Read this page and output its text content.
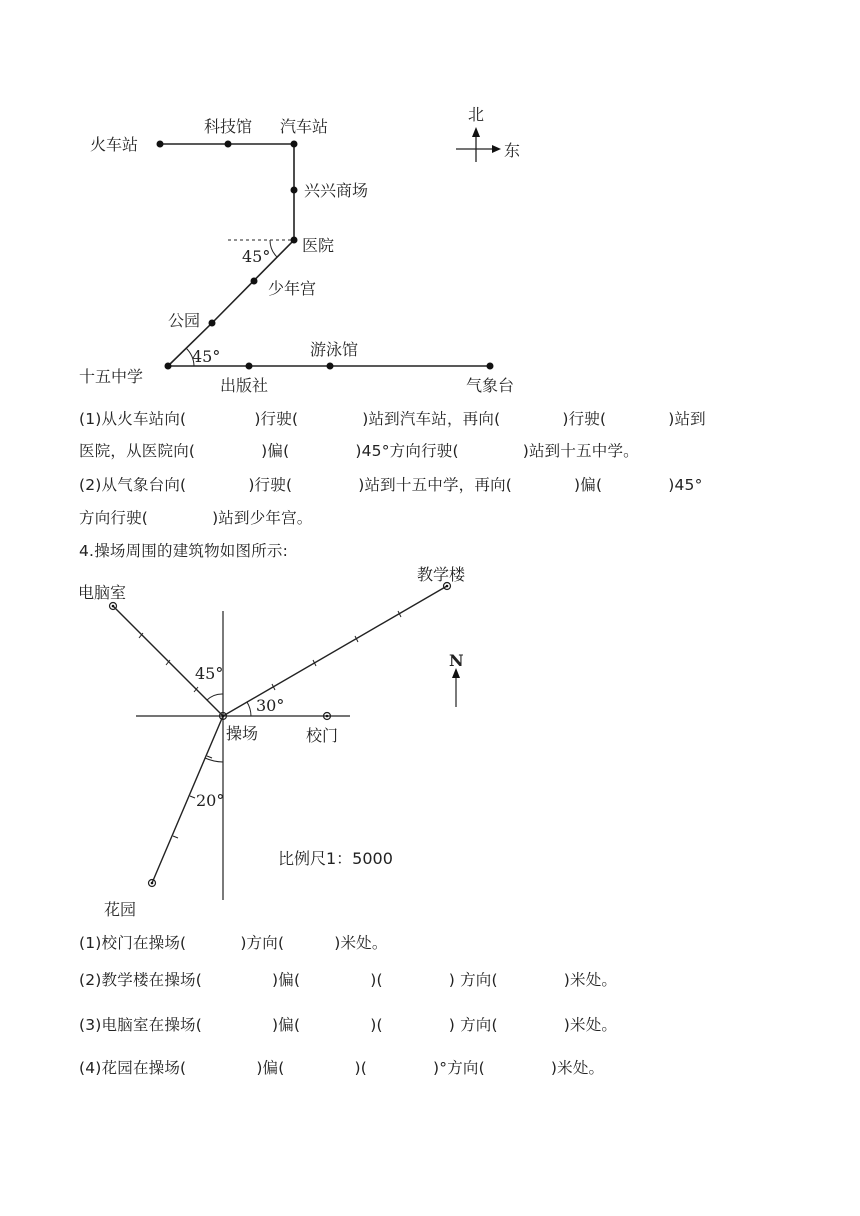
火车站
科技馆 汽车站
兴兴商场
医院
少年宫
公园
十五中学	出版社
游泳馆
气象台
北
东
45°
45°
(1)从火车站向(	)行驶(	)站到汽车站，再向(	)行驶(	)站到
医院，从医院向(	)偏(	)45°方向行驶(	)站到十五中学。
(2)从气象台向(	)行驶(	)站到十五中学，再向(	)偏(	)45°
方向行驶(	)站到少年宫。
4.操场周围的建筑物如图所示:
电脑室
教学楼
操场	校门
花园
N
45°
30°
20°
比例尺1：5000
(1)校门在操场(	)方向(	)米处。
(2)教学楼在操场(	)偏(	)(	) 方向(	)米处。
(3)电脑室在操场(	)偏(	)(	) 方向(	)米处。
(4)花园在操场(	)偏(	)(	)°方向(	)米处。
